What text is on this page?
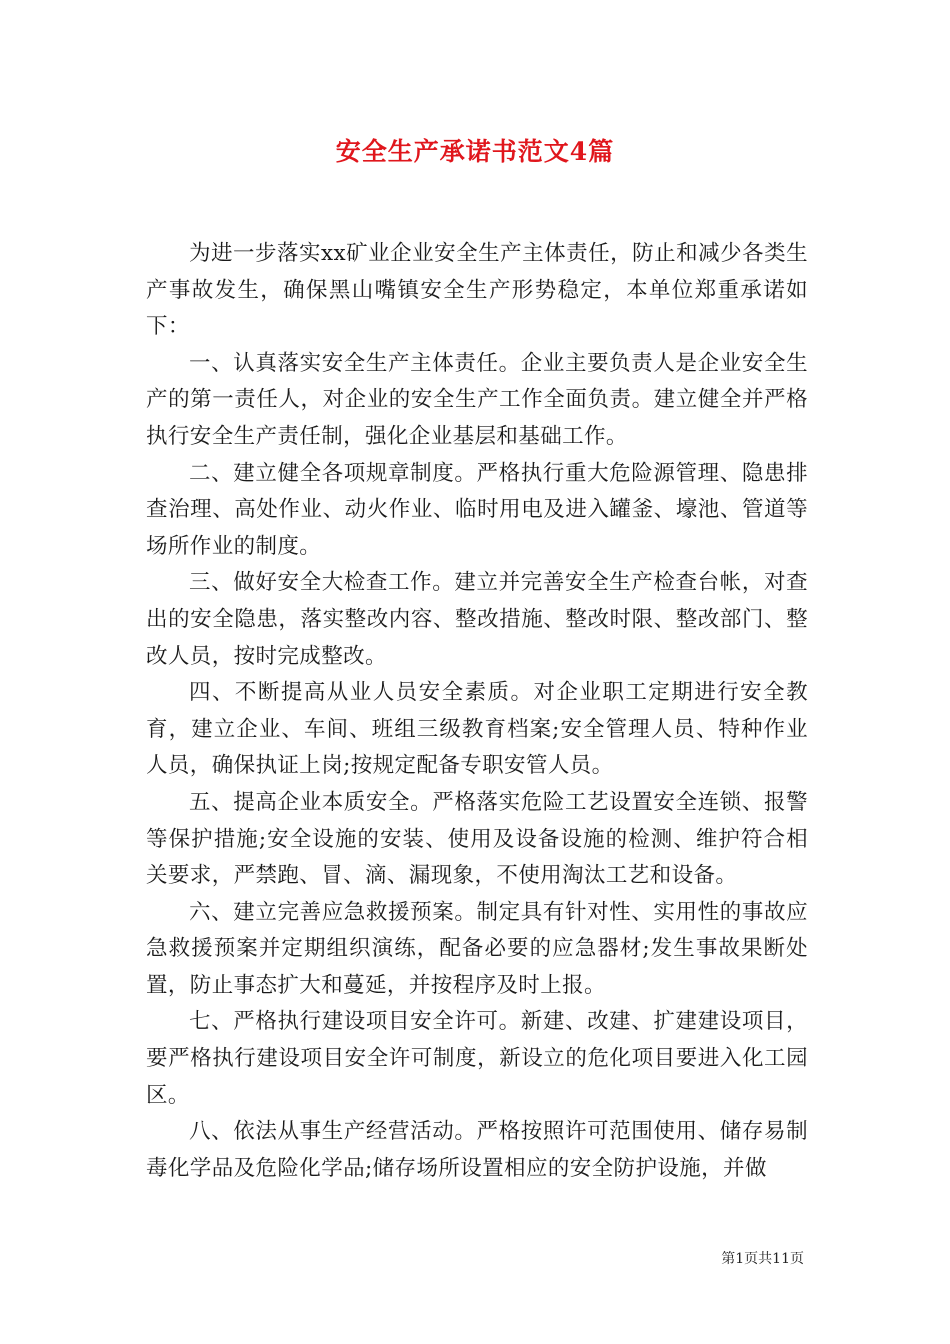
安全生产承诺书范文4篇

为进一步落实xx矿业企业安全生产主体责任，防止和减少各类生产事故发生，确保黑山嘴镇安全生产形势稳定，本单位郑重承诺如下：

一、认真落实安全生产主体责任。企业主要负责人是企业安全生产的第一责任人，对企业的安全生产工作全面负责。建立健全并严格执行安全生产责任制，强化企业基层和基础工作。

二、建立健全各项规章制度。严格执行重大危险源管理、隐患排查治理、高处作业、动火作业、临时用电及进入罐釜、壕池、管道等场所作业的制度。

三、做好安全大检查工作。建立并完善安全生产检查台帐，对查出的安全隐患，落实整改内容、整改措施、整改时限、整改部门、整改人员，按时完成整改。

四、不断提高从业人员安全素质。对企业职工定期进行安全教育，建立企业、车间、班组三级教育档案;安全管理人员、特种作业人员，确保执证上岗;按规定配备专职安管人员。

五、提高企业本质安全。严格落实危险工艺设置安全连锁、报警等保护措施;安全设施的安装、使用及设备设施的检测、维护符合相关要求，严禁跑、冒、滴、漏现象，不使用淘汰工艺和设备。

六、建立完善应急救援预案。制定具有针对性、实用性的事故应急救援预案并定期组织演练，配备必要的应急器材;发生事故果断处置，防止事态扩大和蔓延，并按程序及时上报。

七、严格执行建设项目安全许可。新建、改建、扩建建设项目，要严格执行建设项目安全许可制度，新设立的危化项目要进入化工园区。

八、依法从事生产经营活动。严格按照许可范围使用、储存易制毒化学品及危险化学品;储存场所设置相应的安全防护设施，并做

第1页共11页
